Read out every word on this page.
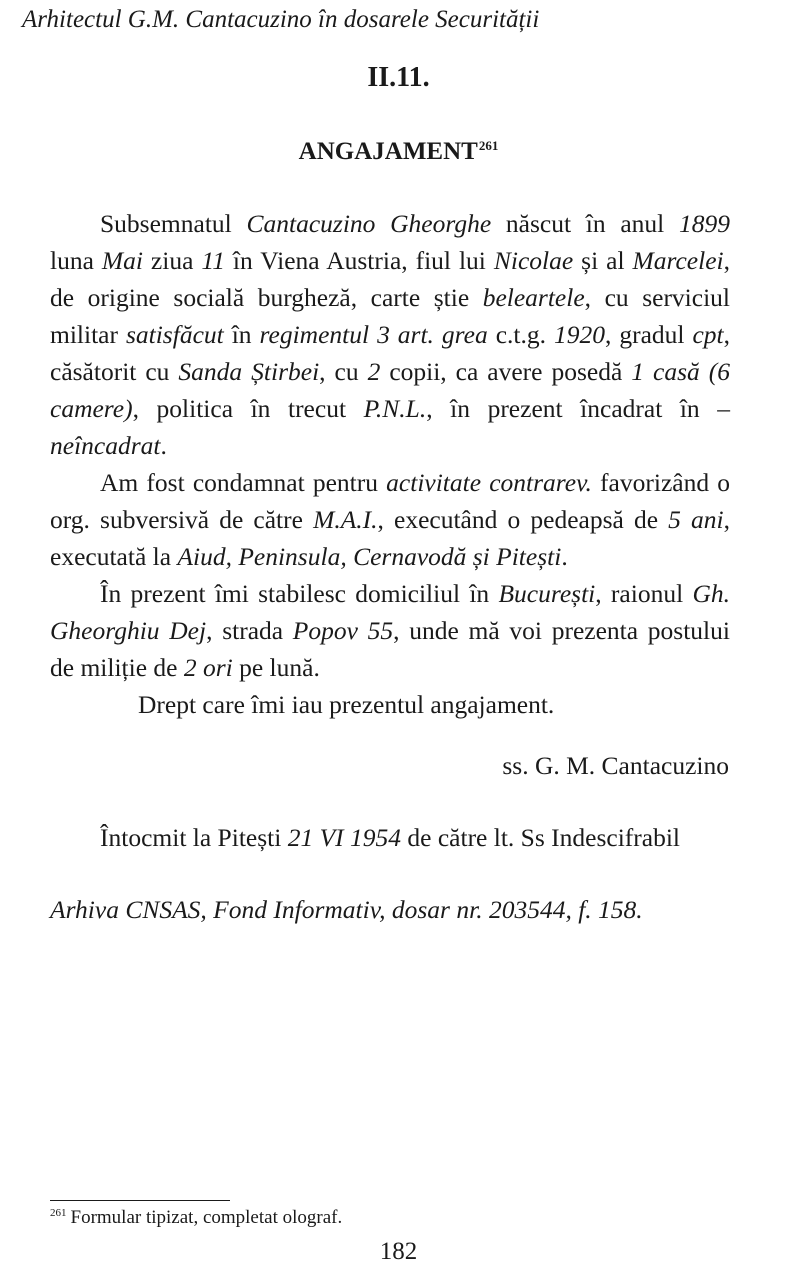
Arhitectul G.M. Cantacuzino în dosarele Securității
II.11.
ANGAJAMENT$^{261}$

Subsemnatul Cantacuzino Gheorghe născut în anul 1899 luna Mai ziua 11 în Viena Austria, fiul lui Nicolae și al Marcelei, de origine socială burgheză, carte știe beleartele, cu serviciul militar satisfăcut în regimentul 3 art. grea c.t.g. 1920, gradul cpt, căsătorit cu Sanda Știrbei, cu 2 copii, ca avere posedă 1 casă (6 camere), politica în trecut P.N.L., în prezent încadrat în – neîncadrat.

Am fost condamnat pentru activitate contrarev. favorizând o org. subversivă de către M.A.I., executând o pedeapsă de 5 ani, executată la Aiud, Peninsula, Cernavodă și Pitești.

În prezent îmi stabilesc domiciliul în București, raionul Gh. Gheorghiu Dej, strada Popov 55, unde mă voi prezenta postului de miliție de 2 ori pe lună.

Drept care îmi iau prezentul angajament.

ss. G. M. Cantacuzino
Întocmit la Pitești 21 VI 1954 de către lt. Ss Indescifrabil
Arhiva CNSAS, Fond Informativ, dosar nr. 203544, f. 158.
$^{261}$ Formular tipizat, completat olograf.
182
